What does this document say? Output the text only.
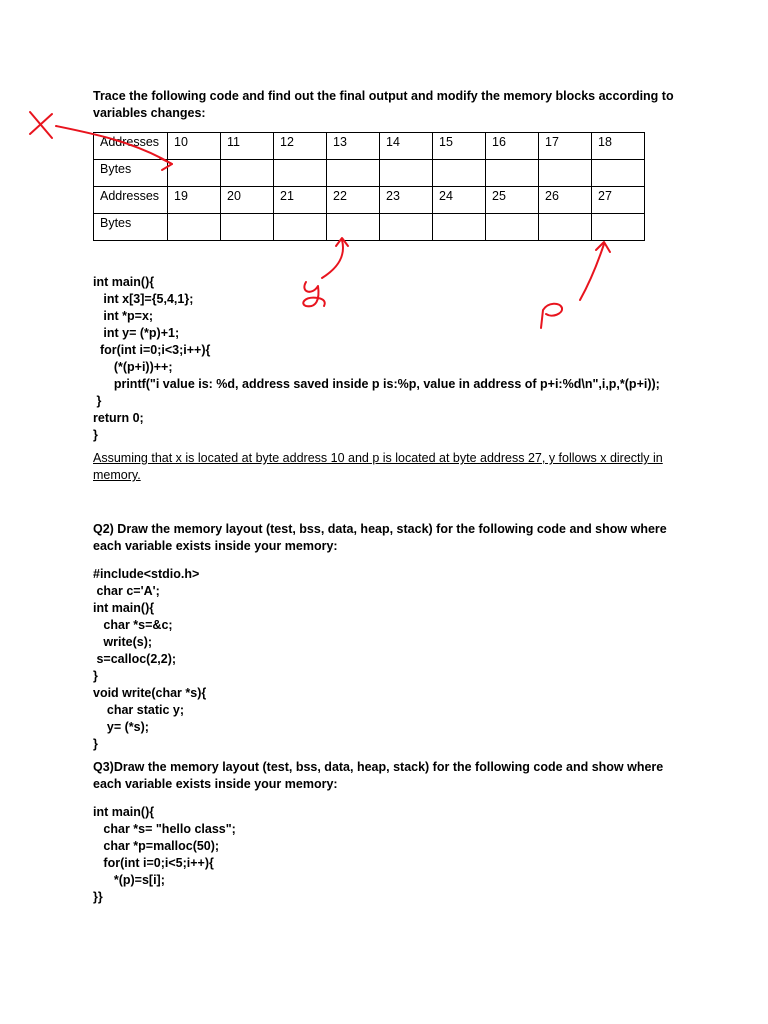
Trace the following code and find out the final output and modify the memory blocks according to variables changes:
Addresses	10	11	12	13	14	15	16	17	18
Bytes									
Addresses	19	20	21	22	23	24	25	26	27
Bytes									
int main(){
int x[3]={5,4,1};
int *p=x;
int y= (*p)+1;
for(int i=0;i<3;i++){
(*(p+i))++;
printf("i value is: %d, address saved inside p is:%p, value in address of p+i:%d\n",i,p,*(p+i));
}
return 0;
}
Assuming that x is located at byte address 10 and p is located at byte address 27, y follows x directly in memory.
Q2) Draw the memory layout (test, bss, data, heap, stack) for the following code and show where each variable exists inside your memory:
#include<stdio.h>
char c='A';
int main(){
char *s=&c;
write(s);
s=calloc(2,2);
}
void write(char *s){
char static y;
y= (*s);
}
Q3)Draw the memory layout (test, bss, data, heap, stack) for the following code and show where each variable exists inside your memory:
int main(){
char *s= "hello class";
char *p=malloc(50);
for(int i=0;i<5;i++){
*(p)=s[i];
}}
